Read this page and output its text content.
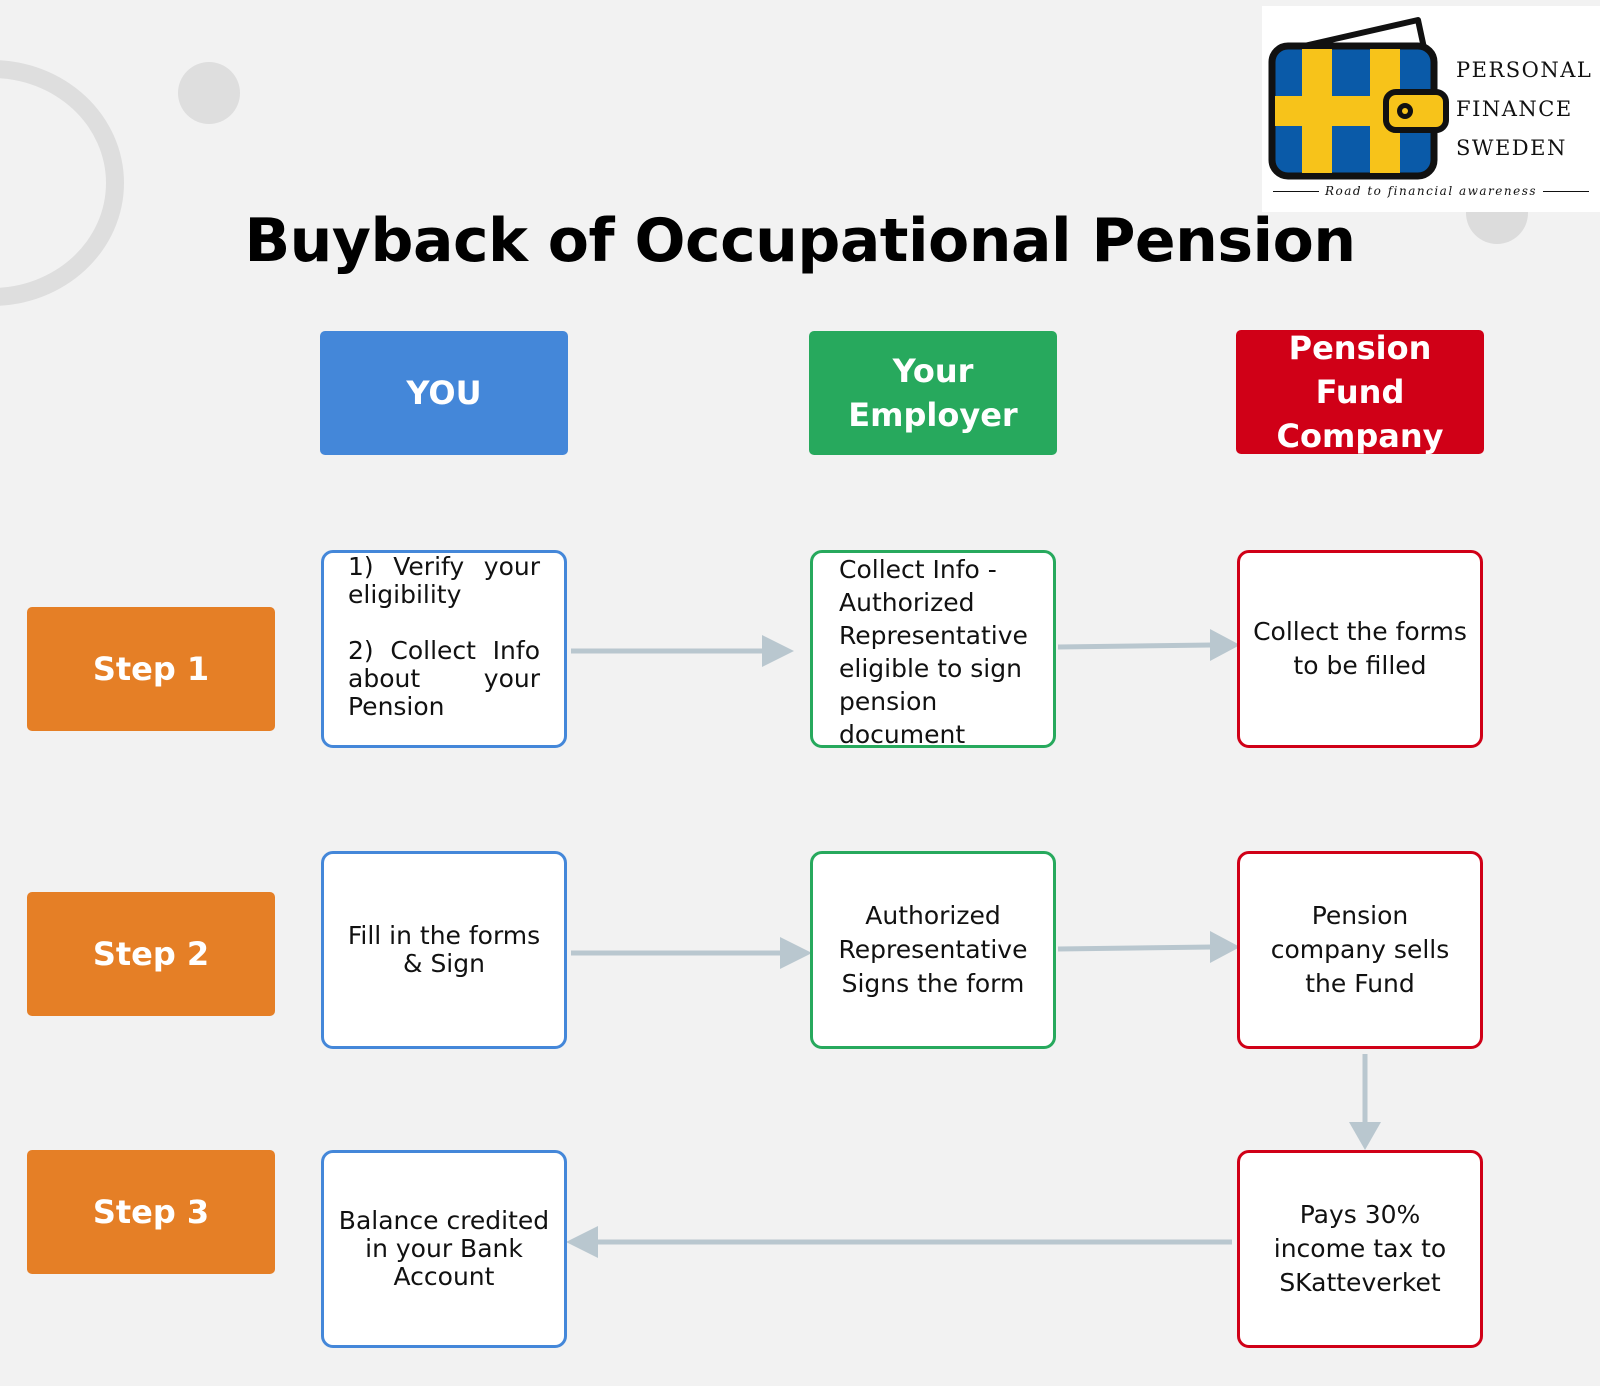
PERSONAL
FINANCE
SWEDEN
Road to financial awareness
Buyback of Occupational Pension
YOU
Your Employer
Pension Fund Company
Step 1
Step 2
Step 3

1) Verify your eligibility

2) Collect Info about your Pension

Collect Info - Authorized Representative eligible to sign pension document
Collect the forms to be filled
Fill in the forms & Sign
Authorized Representative Signs the form
Pension company sells the Fund
Balance credited in your Bank Account
Pays 30% income tax to SKatteverket
